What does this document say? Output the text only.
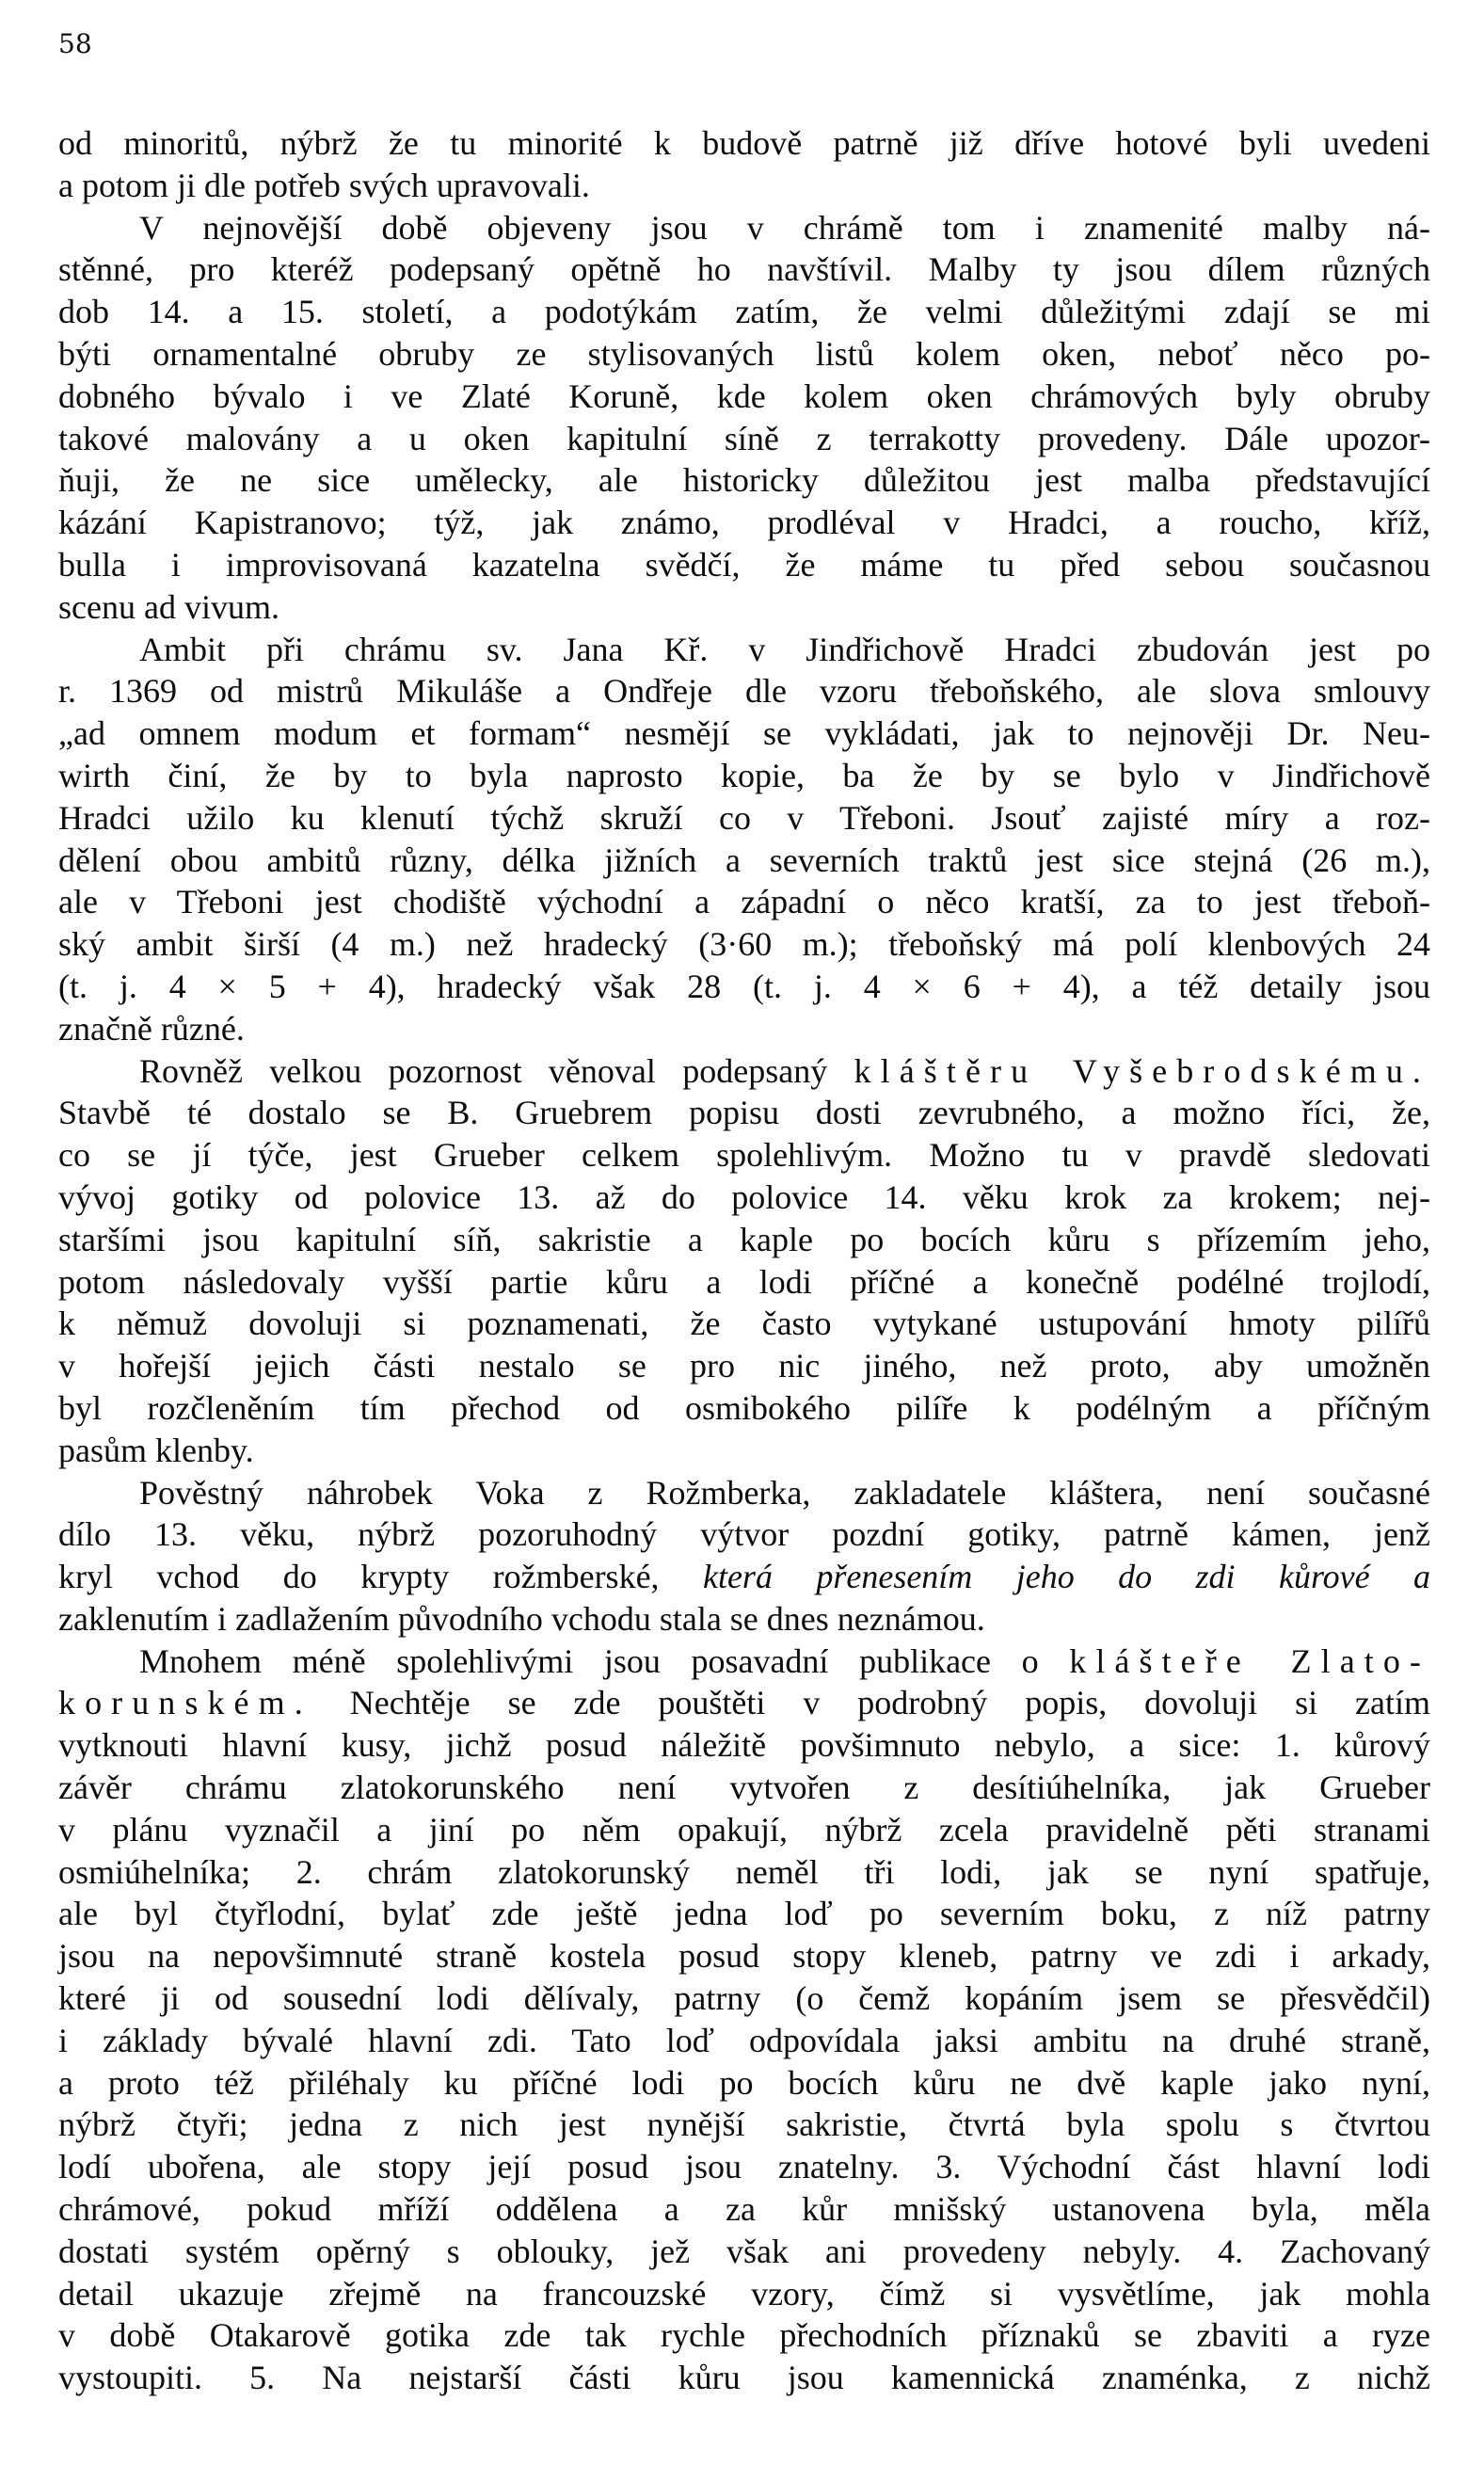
58
od minoritů, nýbrž že tu minorité k budově patrně již dříve hotové byli uvedeni
a potom ji dle potřeb svých upravovali.
V nejnovější době objeveny jsou v chrámě tom i znamenité malby ná-
stěnné, pro kteréž podepsaný opětně ho navštívil. Malby ty jsou dílem různých
dob 14. a 15. století, a podotýkám zatím, že velmi důležitými zdají se mi
býti ornamentalné obruby ze stylisovaných listů kolem oken, neboť něco po-
dobného bývalo i ve Zlaté Koruně, kde kolem oken chrámových byly obruby
takové malovány a u oken kapitulní síně z terrakotty provedeny. Dále upozor-
ňuji, že ne sice umělecky, ale historicky důležitou jest malba představující
kázání Kapistranovo; týž, jak známo, prodléval v Hradci, a roucho, kříž,
bulla i improvisovaná kazatelna svědčí, že máme tu před sebou současnou
scenu ad vivum.
Ambit při chrámu sv. Jana Kř. v Jindřichově Hradci zbudován jest po
r. 1369 od mistrů Mikuláše a Ondřeje dle vzoru třeboňského, ale slova smlouvy
„ad omnem modum et formam“ nesmějí se vykládati, jak to nejnověji Dr. Neu-
wirth činí, že by to byla naprosto kopie, ba že by se bylo v Jindřichově
Hradci užilo ku klenutí týchž skruží co v Třeboni. Jsouť zajisté míry a roz-
dělení obou ambitů různy, délka jižních a severních traktů jest sice stejná (26 m.),
ale v Třeboni jest chodiště východní a západní o něco kratší, za to jest třeboň-
ský ambit širší (4 m.) než hradecký (3·60 m.); třeboňský má polí klenbových 24
(t. j. 4 × 5 + 4), hradecký však 28 (t. j. 4 × 6 + 4), a též detaily jsou
značně různé.
Rovněž velkou pozornost věnoval podepsaný kláštěru Vyšebrodskému.
Stavbě té dostalo se B. Gruebrem popisu dosti zevrubného, a možno říci, že,
co se jí týče, jest Grueber celkem spolehlivým. Možno tu v pravdě sledovati
vývoj gotiky od polovice 13. až do polovice 14. věku krok za krokem; nej-
staršími jsou kapitulní síň, sakristie a kaple po bocích kůru s přízemím jeho,
potom následovaly vyšší partie kůru a lodi příčné a konečně podélné trojlodí,
k němuž dovoluji si poznamenati, že často vytykané ustupování hmoty pilířů
v hořejší jejich části nestalo se pro nic jiného, než proto, aby umožněn
byl rozčleněním tím přechod od osmibokého pilíře k podélným a příčným
pasům klenby.
Pověstný náhrobek Voka z Rožmberka, zakladatele kláštera, není současné
dílo 13. věku, nýbrž pozoruhodný výtvor pozdní gotiky, patrně kámen, jenž
kryl vchod do krypty rožmberské, která přenesením jeho do zdi kůrové a
zaklenutím i zadlažením původního vchodu stala se dnes neznámou.
Mnohem méně spolehlivými jsou posavadní publikace o klášteře Zlato-
korunském. Nechtěje se zde pouštěti v podrobný popis, dovoluji si zatím
vytknouti hlavní kusy, jichž posud náležitě povšimnuto nebylo, a sice: 1. kůrový
závěr chrámu zlatokorunského není vytvořen z desítiúhelníka, jak Grueber
v plánu vyznačil a jiní po něm opakují, nýbrž zcela pravidelně pěti stranami
osmiúhelníka; 2. chrám zlatokorunský neměl tři lodi, jak se nyní spatřuje,
ale byl čtyřlodní, bylať zde ještě jedna loď po severním boku, z níž patrny
jsou na nepovšimnuté straně kostela posud stopy kleneb, patrny ve zdi i arkady,
které ji od sousední lodi dělívaly, patrny (o čemž kopáním jsem se přesvědčil)
i základy bývalé hlavní zdi. Tato loď odpovídala jaksi ambitu na druhé straně,
a proto též přiléhaly ku příčné lodi po bocích kůru ne dvě kaple jako nyní,
nýbrž čtyři; jedna z nich jest nynější sakristie, čtvrtá byla spolu s čtvrtou
lodí ubořena, ale stopy její posud jsou znatelny. 3. Východní část hlavní lodi
chrámové, pokud mříží oddělena a za kůr mnišský ustanovena byla, měla
dostati systém opěrný s oblouky, jež však ani provedeny nebyly. 4. Zachovaný
detail ukazuje zřejmě na francouzské vzory, čímž si vysvětlíme, jak mohla
v době Otakarově gotika zde tak rychle přechodních příznaků se zbaviti a ryze
vystoupiti. 5. Na nejstarší části kůru jsou kamennická znaménka, z nichž
